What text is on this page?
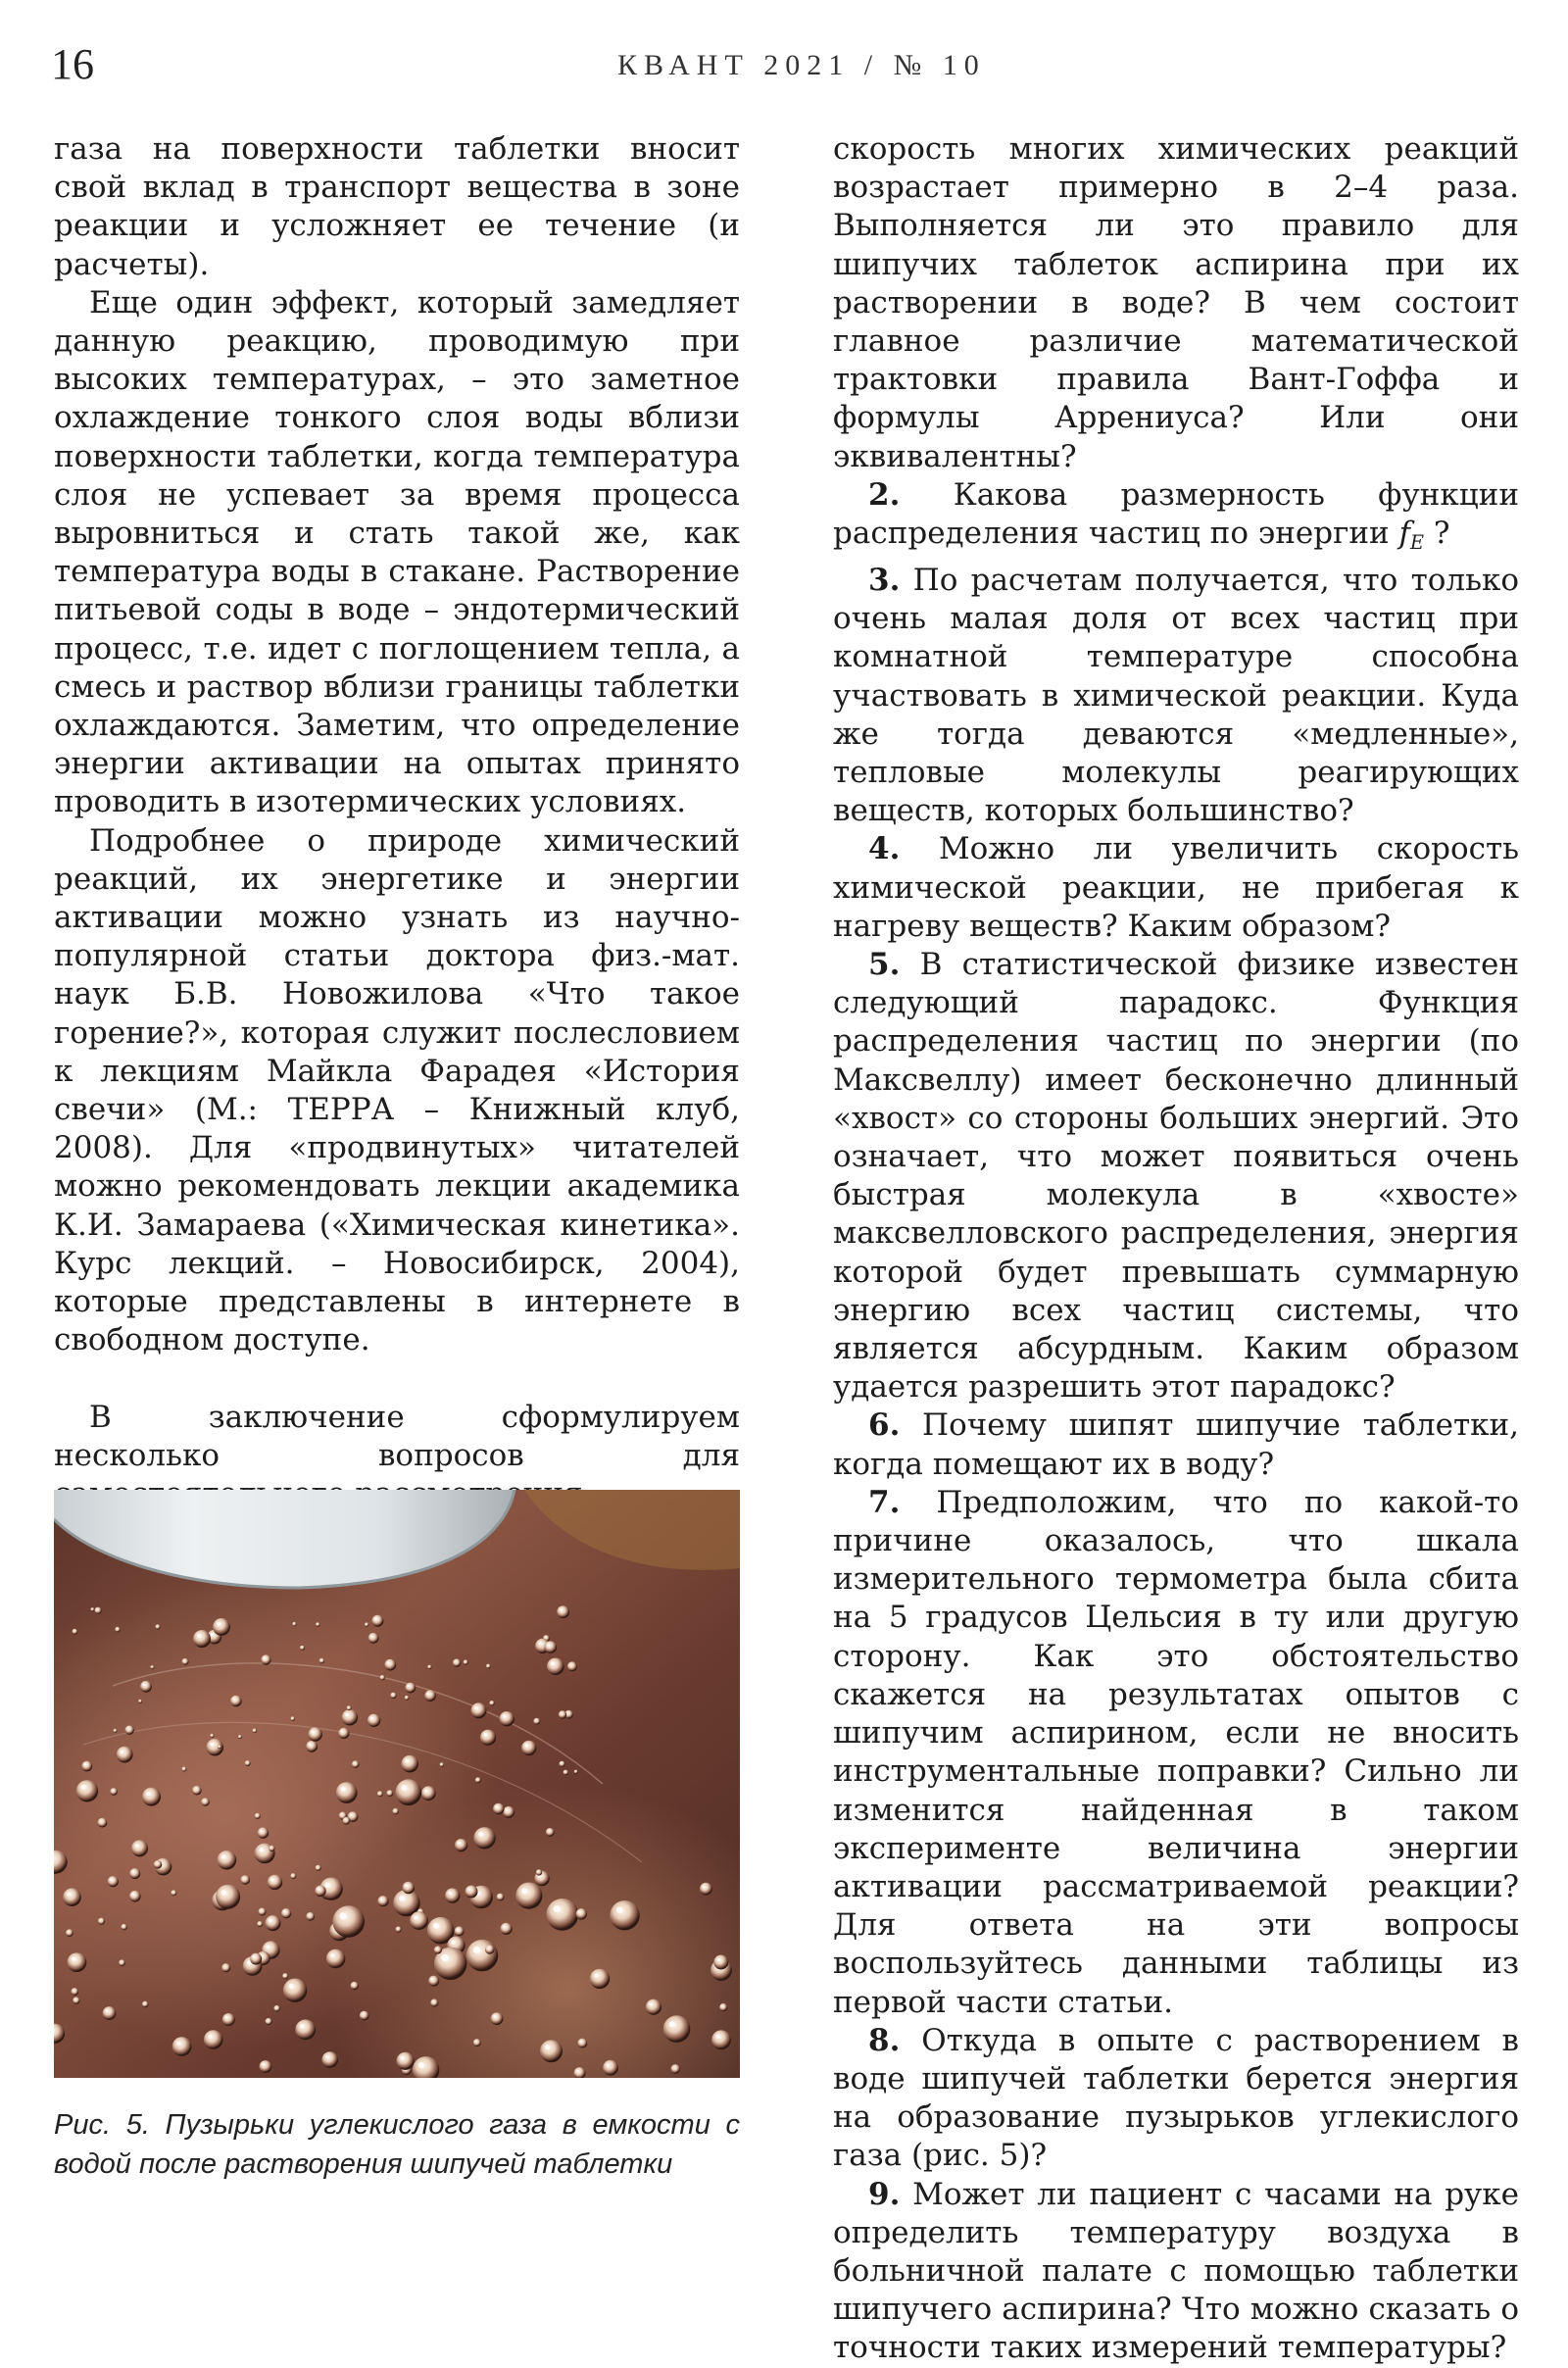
16	КВАНТ 2021 / № 10

газа на поверхности таблетки вносит свой вклад в транспорт вещества в зоне реакции и усложняет ее течение (и расчеты).

Еще один эффект, который замедляет данную реакцию, проводимую при высоких температурах, – это заметное охлаждение тонкого слоя воды вблизи поверхности таблетки, когда температура слоя не успевает за время процесса выровниться и стать такой же, как температура воды в стакане. Растворение питьевой соды в воде – эндотермический процесс, т.е. идет с поглощением тепла, а смесь и раствор вблизи границы таблетки охлаждаются. Заметим, что определение энергии активации на опытах принято проводить в изотермических условиях.

Подробнее о природе химический реакций, их энергетике и энергии активации можно узнать из научно-популярной статьи доктора физ.-мат. наук Б.В. Новожилова «Что такое горение?», которая служит послесловием к лекциям Майкла Фарадея «История свечи» (М.: ТЕРРА – Книжный клуб, 2008). Для «продвинутых» читателей можно рекомендовать лекции академика К.И. Замараева («Химическая кинетика». Курс лекций. – Новосибирск, 2004), которые представлены в интернете в свободном доступе.

В заключение сформулируем несколько вопросов для

Рис. 5. Пузырьки углекислого газа в емкости с водой после растворения шипучей таблетки

скорость многих химических реакций возрастает примерно в 2–4 раза. Выполняется ли это правило для шипучих таблеток аспирина при их растворении в воде? В чем состоит главное различие математической трактовки правила Вант-Гоффа и формулы Аррениуса? Или они эквивалентны?

2. Какова размерность функции распределения частиц по энергии $f_E$ ?

3. По расчетам получается, что только очень малая доля от всех частиц при комнатной температуре способна участвовать в химической реакции. Куда же тогда деваются «медленные», тепловые молекулы реагирующих веществ, которых большинство?

4. Можно ли увеличить скорость химической реакции, не прибегая к нагреву веществ? Каким образом?

5. В статистической физике известен следующий парадокс. Функция распределения частиц по энергии (по Максвеллу) имеет бесконечно длинный «хвост» со стороны больших энергий. Это означает, что может появиться очень быстрая молекула в «хвосте» максвелловского распределения, энергия которой будет превышать суммарную энергию всех частиц системы, что является абсурдным. Каким образом удается разрешить этот парадокс?

6. Почему шипят шипучие таблетки, когда помещают их в воду?

7. Предположим, что по какой-то причине оказалось, что шкала измерительного термометра была сбита на 5 градусов Цельсия в ту или другую сторону. Как это обстоятельство скажется на результатах опытов с шипучим аспирином, если не вносить инструментальные поправки? Сильно ли изменится найденная в таком эксперименте величина энергии активации рассматриваемой реакции? Для ответа на эти вопросы воспользуйтесь данными таблицы из первой части статьи.

8. Откуда в опыте с растворением в воде шипучей таблетки берется энергия на образование пузырьков углекислого газа (рис. 5)?

9. Может ли пациент с часами на руке определить температуру воздуха в больничной палате с помощью таблетки шипучего аспирина? Что можно сказать о точности таких измерений температуры?
